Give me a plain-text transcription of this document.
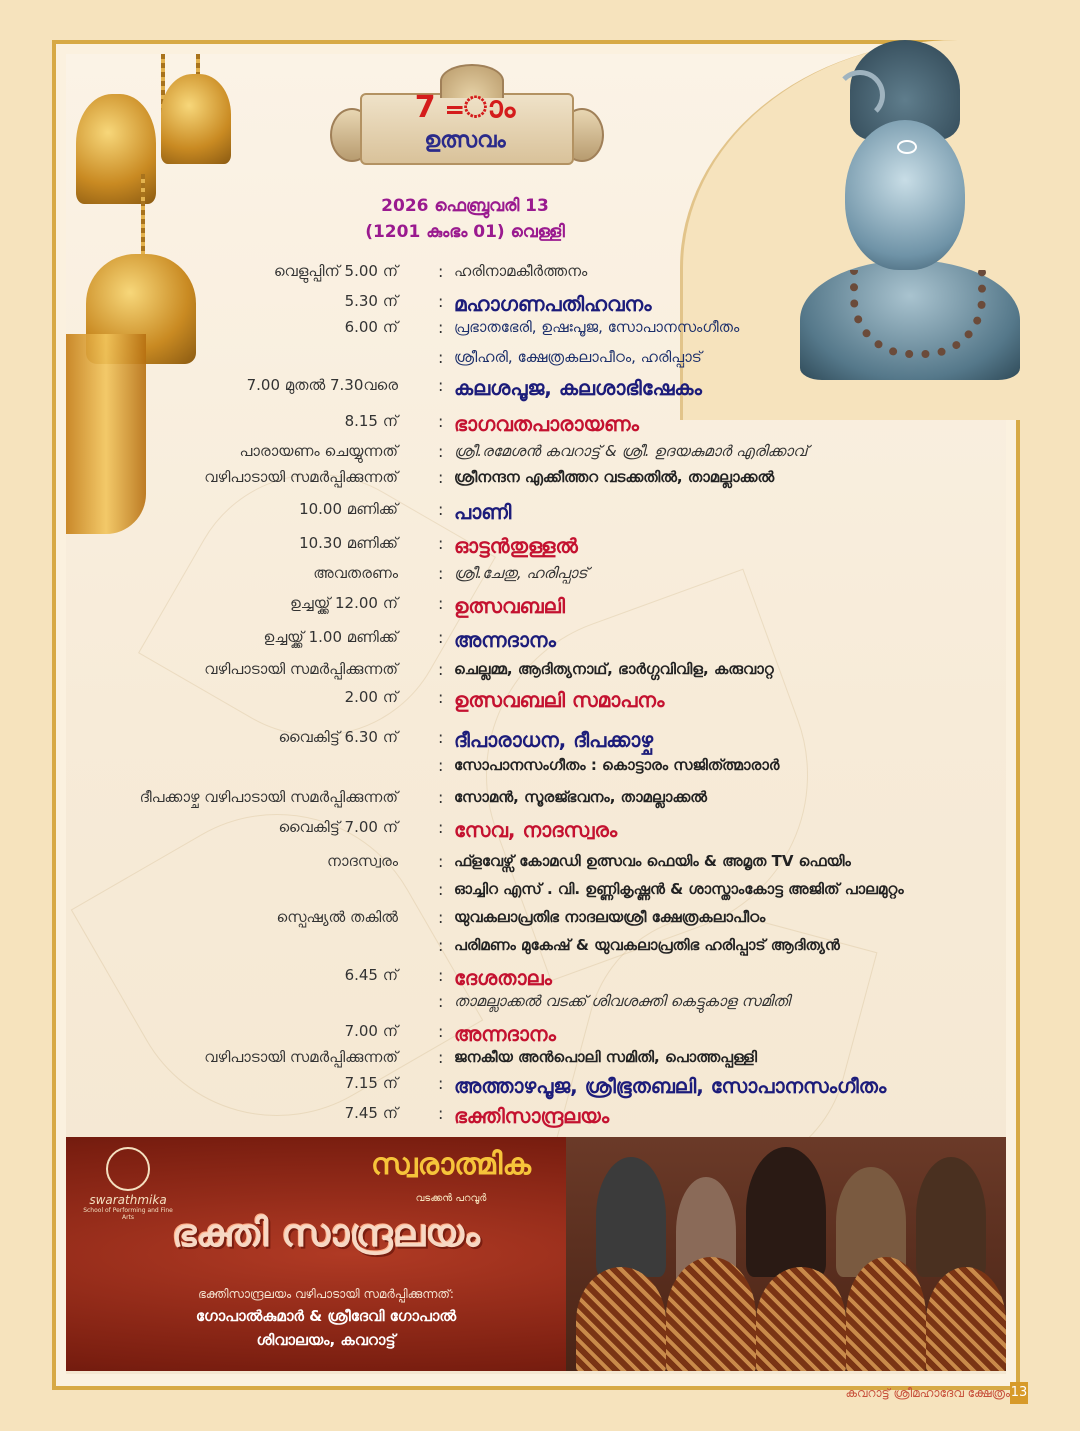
7 =ാം
ഉത്സവം
2026 ഫെബ്രുവരി 13
(1201 കുംഭം 01) വെള്ളി
വെളുപ്പിന് 5.00 ന്	: ഹരിനാമകീർത്തനം
5.30 ന്	: മഹാഗണപതിഹവനം
6.00 ന്	: പ്രഭാതഭേരി, ഉഷഃപൂജ, സോപാനസംഗീതം
: ശ്രീഹരി, ക്ഷേത്രകലാപീഠം, ഹരിപ്പാട്
7.00 മുതൽ 7.30വരെ	: കലശപൂജ, കലശാഭിഷേകം
8.15 ന്	: ഭാഗവതപാരായണം
പാരായണം ചെയ്യുന്നത്	: ശ്രീ.രമേശൻ കവറാട്ട് & ശ്രീ. ഉദയകുമാർ എരിക്കാവ്
വഴിപാടായി സമർപ്പിക്കുന്നത്	: ശ്രീനന്ദന എക്കീത്തറ വടക്കതിൽ, താമല്ലാക്കൽ
10.00 മണിക്ക്	: പാണി
10.30 മണിക്ക്	: ഓട്ടൻതുള്ളൽ
അവതരണം	: ശ്രീ.ചേതു, ഹരിപ്പാട്
ഉച്ചയ്ക്ക് 12.00 ന്	: ഉത്സവബലി
ഉച്ചയ്ക്ക് 1.00 മണിക്ക്	: അന്നദാനം
വഴിപാടായി സമർപ്പിക്കുന്നത്	: ചെല്ലമ്മ, ആദിത്യനാഥ്, ഭാർഗ്ഗവിവിള, കരുവാറ്റ
2.00 ന്	: ഉത്സവബലി സമാപനം
വൈകിട്ട് 6.30 ന്	: ദീപാരാധന, ദീപക്കാഴ്ച
: സോപാനസംഗീതം : കൊട്ടാരം സജിത്ത്മാരാർ
ദീപക്കാഴ്ച വഴിപാടായി സമർപ്പിക്കുന്നത്	: സോമൻ, സൂരജ്ഭവനം, താമല്ലാക്കൽ
വൈകിട്ട് 7.00 ന്	: സേവ, നാദസ്വരം
നാദസ്വരം	: ഫ്ളവേഴ്സ് കോമഡി ഉത്സവം ഫെയിം & അമൃത TV ഫെയിം
: ഓച്ചിറ എസ് . വി. ഉണ്ണികൃഷ്ണൻ & ശാസ്താംകോട്ട അജിത് പാലമുറ്റം
സ്പെഷ്യൽ തകിൽ	: യുവകലാപ്രതിഭ നാദലയശ്രീ ക്ഷേത്രകലാപീഠം
: പരിമണം മുകേഷ് & യുവകലാപ്രതിഭ ഹരിപ്പാട് ആദിത്യൻ
6.45 ന്	: ദേശതാലം
: താമല്ലാക്കൽ വടക്ക് ശിവശക്തി കെട്ടുകാള സമിതി
7.00 ന്	: അന്നദാനം
വഴിപാടായി സമർപ്പിക്കുന്നത്	: ജനകീയ അൻപൊലി സമിതി, പൊത്തപ്പള്ളി
7.15 ന്	: അത്താഴപൂജ, ശ്രീഭൂതബലി, സോപാനസംഗീതം
7.45 ന്	: ഭക്തിസാന്ദ്രലയം
swarathmika
School of Performing and Fine Arts
സ്വരാത്മിക
വടക്കൻ പറവൂർ
ഭക്തി സാന്ദ്രലയം
ഭക്തിസാന്ദ്രലയം വഴിപാടായി സമർപ്പിക്കുന്നത്:
ഗോപാൽകുമാർ & ശ്രീദേവി ഗോപാൽ
ശിവാലയം, കവറാട്ട്
കവറാട്ട് ശ്രീമഹാദേവ ക്ഷേത്രം 13
